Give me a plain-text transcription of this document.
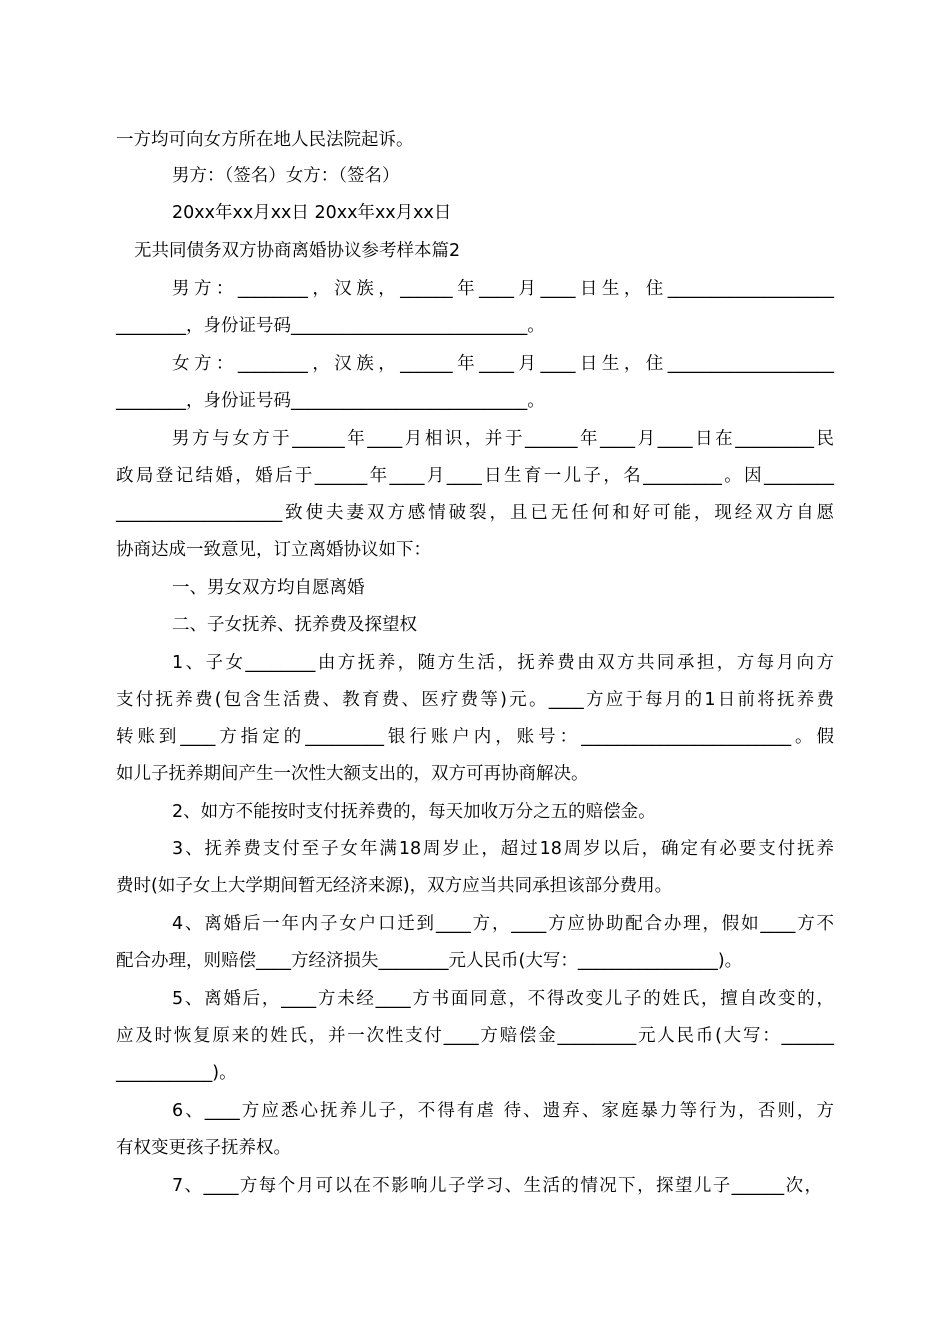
一方均可向女方所在地人民法院起诉。
男方：（签名）女方：（签名）
20xx年xx月xx日 20xx年xx月xx日
无共同债务双方协商离婚协议参考样本篇2
男方：________，汉族，______年____月____日生，住___________________
________，身份证号码___________________________。
女方：________，汉族，______年____月____日生，住___________________
________，身份证号码___________________________。
男方与女方于______年____月相识，并于______年____月____日在_________民
政局登记结婚，婚后于______年____月____日生育一儿子，名_________。因________
___________________致使夫妻双方感情破裂，且已无任何和好可能，现经双方自愿
协商达成一致意见，订立离婚协议如下：
一、男女双方均自愿离婚
二、子女抚养、抚养费及探望权
1、子女________由方抚养，随方生活，抚养费由双方共同承担，方每月向方
支付抚养费(包含生活费、教育费、医疗费等)元。____方应于每月的1日前将抚养费
转账到____方指定的_________银行账户内，账号：________________________。假
如儿子抚养期间产生一次性大额支出的，双方可再协商解决。
2、如方不能按时支付抚养费的，每天加收万分之五的赔偿金。
3、抚养费支付至子女年满18周岁止，超过18周岁以后，确定有必要支付抚养
费时(如子女上大学期间暂无经济来源)，双方应当共同承担该部分费用。
4、离婚后一年内子女户口迁到____方，____方应协助配合办理，假如____方不
配合办理，则赔偿____方经济损失________元人民币(大写：________________)。
5、离婚后，____方未经____方书面同意，不得改变儿子的姓氏，擅自改变的，
应及时恢复原来的姓氏，并一次性支付____方赔偿金_________元人民币(大写：______
___________)。
6、____方应悉心抚养儿子，不得有虐 待、遗弃、家庭暴力等行为，否则，方
有权变更孩子抚养权。
7、____方每个月可以在不影响儿子学习、生活的情况下，探望儿子______次，
